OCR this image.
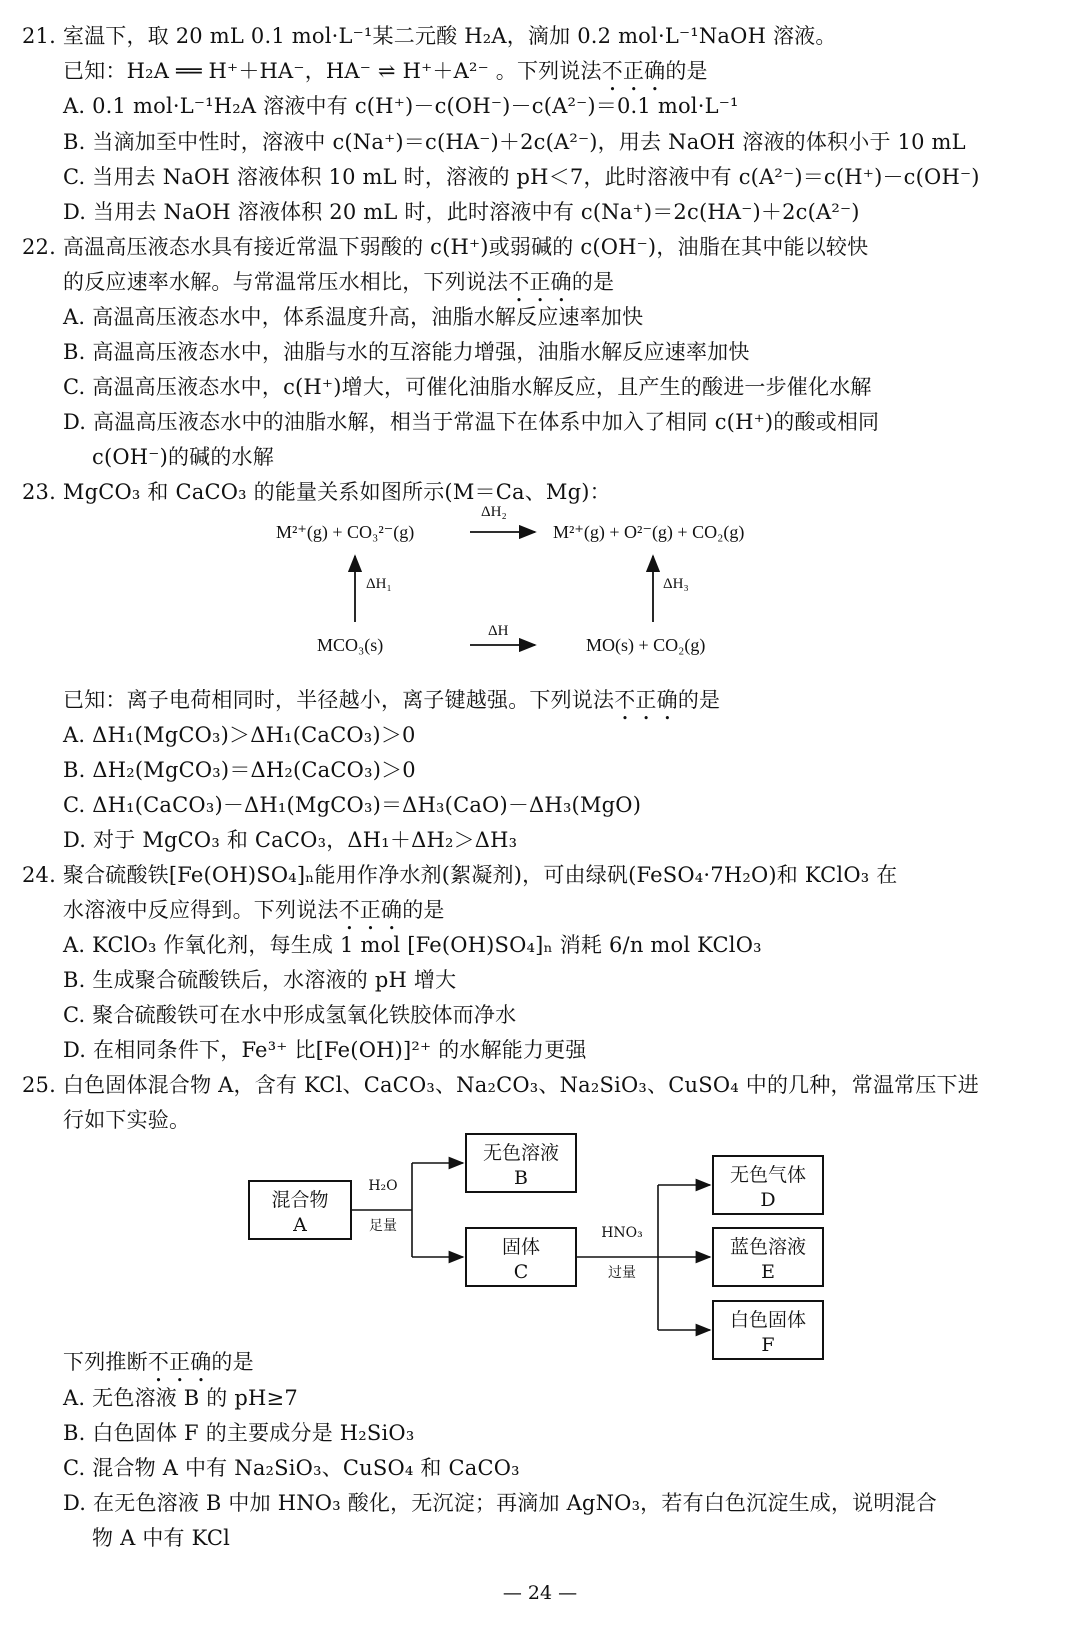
21. 室温下，取 20 mL 0.1 mol·L⁻¹某二元酸 H₂A，滴加 0.2 mol·L⁻¹NaOH 溶液。
已知：H₂A ══ H⁺＋HA⁻，HA⁻ ⇌ H⁺＋A²⁻ 。下列说法不正确的是
A. 0.1 mol·L⁻¹H₂A 溶液中有 c(H⁺)－c(OH⁻)－c(A²⁻)＝0.1 mol·L⁻¹
B. 当滴加至中性时，溶液中 c(Na⁺)＝c(HA⁻)＋2c(A²⁻)，用去 NaOH 溶液的体积小于 10 mL
C. 当用去 NaOH 溶液体积 10 mL 时，溶液的 pH＜7，此时溶液中有 c(A²⁻)＝c(H⁺)－c(OH⁻)
D. 当用去 NaOH 溶液体积 20 mL 时，此时溶液中有 c(Na⁺)＝2c(HA⁻)＋2c(A²⁻)
22. 高温高压液态水具有接近常温下弱酸的 c(H⁺)或弱碱的 c(OH⁻)，油脂在其中能以较快
的反应速率水解。与常温常压水相比，下列说法不正确的是
A. 高温高压液态水中，体系温度升高，油脂水解反应速率加快
B. 高温高压液态水中，油脂与水的互溶能力增强，油脂水解反应速率加快
C. 高温高压液态水中，c(H⁺)增大，可催化油脂水解反应，且产生的酸进一步催化水解
D. 高温高压液态水中的油脂水解，相当于常温下在体系中加入了相同 c(H⁺)的酸或相同
c(OH⁻)的碱的水解
23. MgCO₃ 和 CaCO₃ 的能量关系如图所示(M＝Ca、Mg)：
M²⁺(g) + CO₃²⁻(g)	M²⁺(g) + O²⁻(g) + CO₂(g)
ΔH₂
ΔH₁	ΔH₃
ΔH
MCO₃(s)	MO(s) + CO₂(g)
已知：离子电荷相同时，半径越小，离子键越强。下列说法不正确的是
A. ΔH₁(MgCO₃)＞ΔH₁(CaCO₃)＞0
B. ΔH₂(MgCO₃)＝ΔH₂(CaCO₃)＞0
C. ΔH₁(CaCO₃)－ΔH₁(MgCO₃)＝ΔH₃(CaO)－ΔH₃(MgO)
D. 对于 MgCO₃ 和 CaCO₃，ΔH₁＋ΔH₂＞ΔH₃
24. 聚合硫酸铁[Fe(OH)SO₄]ₙ能用作净水剂(絮凝剂)，可由绿矾(FeSO₄·7H₂O)和 KClO₃ 在
水溶液中反应得到。下列说法不正确的是
A. KClO₃ 作氧化剂，每生成 1 mol [Fe(OH)SO₄]ₙ 消耗 6/n mol KClO₃
B. 生成聚合硫酸铁后，水溶液的 pH 增大
C. 聚合硫酸铁可在水中形成氢氧化铁胶体而净水
D. 在相同条件下，Fe³⁺ 比[Fe(OH)]²⁺ 的水解能力更强
25. 白色固体混合物 A，含有 KCl、CaCO₃、Na₂CO₃、Na₂SiO₃、CuSO₄ 中的几种，常温常压下进
行如下实验。
混合物
A
H₂O
足量
无色溶液
B
固体
C
HNO₃
过量
无色气体
D
蓝色溶液
E
白色固体
F
下列推断不正确的是
A. 无色溶液 B 的 pH≥7
B. 白色固体 F 的主要成分是 H₂SiO₃
C. 混合物 A 中有 Na₂SiO₃、CuSO₄ 和 CaCO₃
D. 在无色溶液 B 中加 HNO₃ 酸化，无沉淀；再滴加 AgNO₃，若有白色沉淀生成，说明混合
物 A 中有 KCl
— 24 —
